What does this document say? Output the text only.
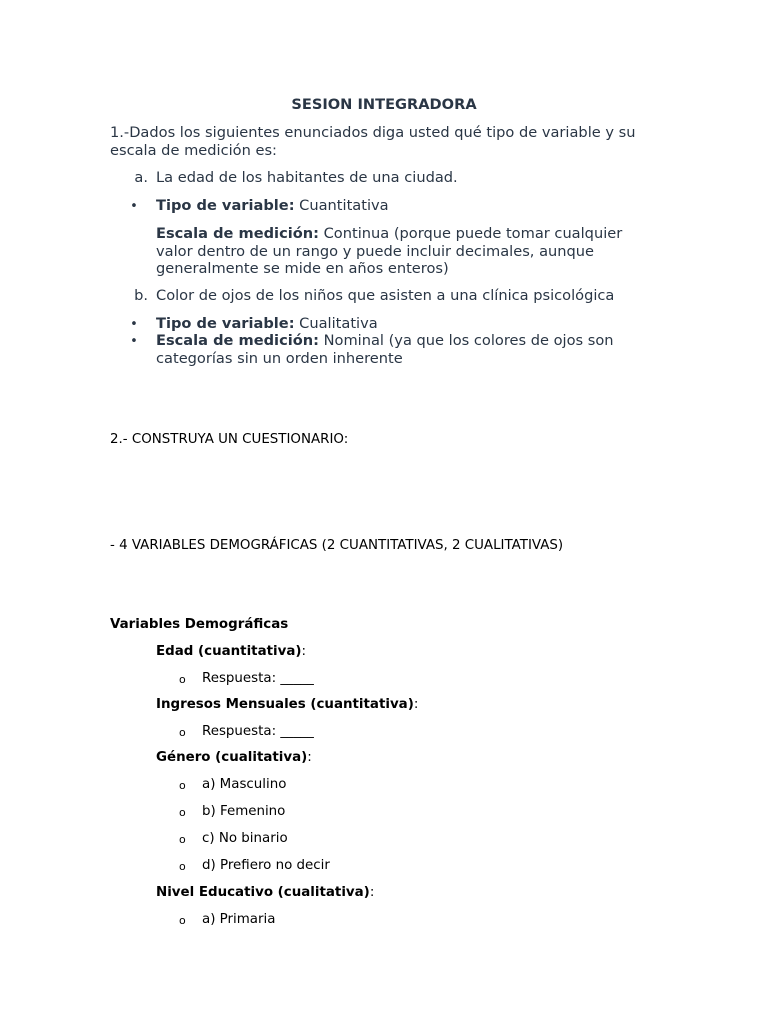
SESION INTEGRADORA
1.-Dados los siguientes enunciados diga usted qué tipo de variable y su escala de medición es:
a. La edad de los habitantes de una ciudad.
• Tipo de variable: Cuantitativa
Escala de medición: Continua (porque puede tomar cualquier valor dentro de un rango y puede incluir decimales, aunque generalmente se mide en años enteros)
b. Color de ojos de los niños que asisten a una clínica psicológica
• Tipo de variable: Cualitativa
• Escala de medición: Nominal (ya que los colores de ojos son categorías sin un orden inherente
2.- CONSTRUYA UN CUESTIONARIO:
- 4 VARIABLES DEMOGRÁFICAS (2 CUANTITATIVAS, 2 CUALITATIVAS)
Variables Demográficas
Edad (cuantitativa):
o Respuesta: _____
Ingresos Mensuales (cuantitativa):
o Respuesta: _____
Género (cualitativa):
o a) Masculino
o b) Femenino
o c) No binario
o d) Prefiero no decir
Nivel Educativo (cualitativa):
o a) Primaria
